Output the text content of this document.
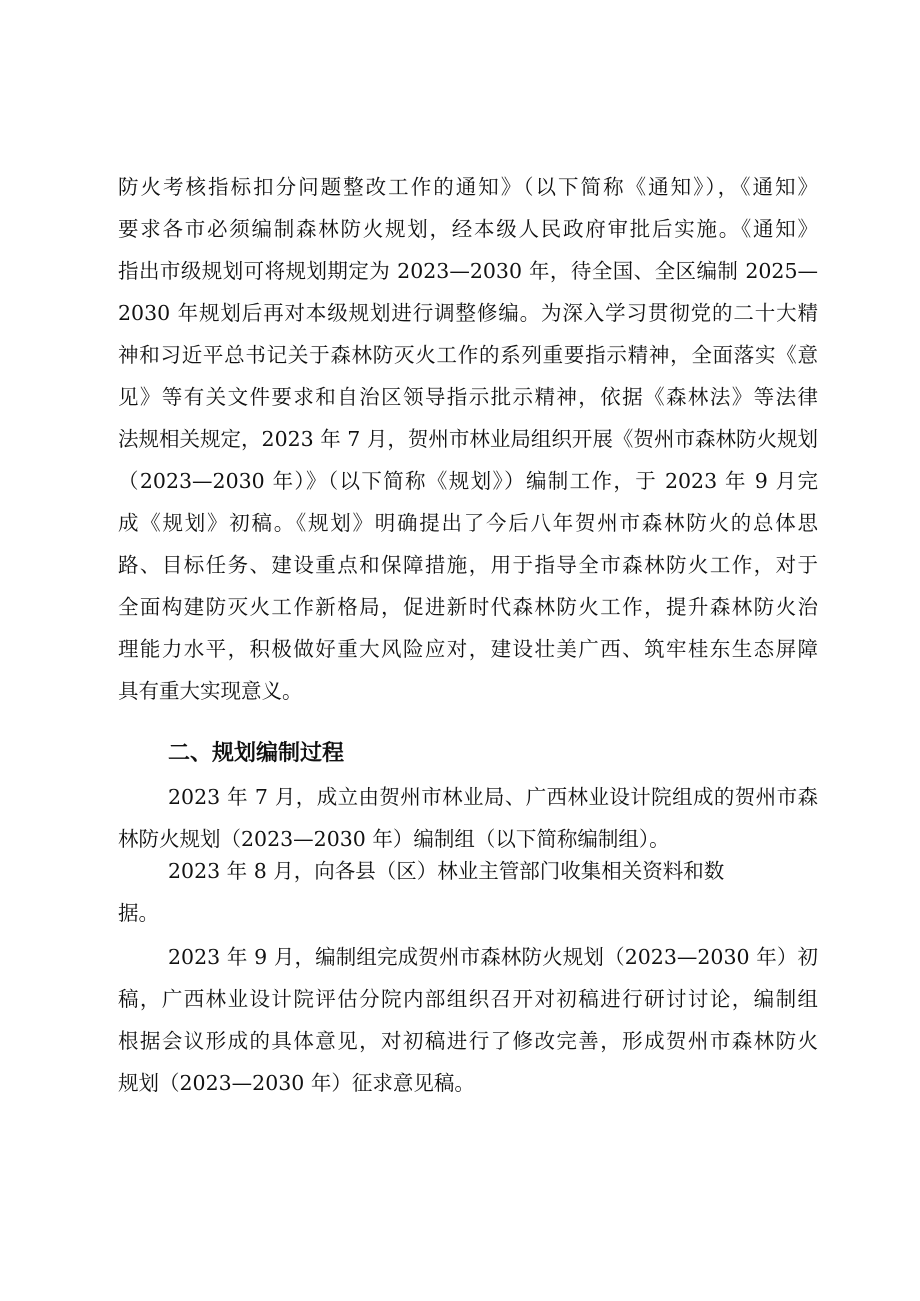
防火考核指标扣分问题整改工作的通知》（以下简称《通知》），《通知》
要求各市必须编制森林防火规划，经本级人民政府审批后实施。《通知》
指出市级规划可将规划期定为 2023—2030 年，待全国、全区编制 2025—
2030 年规划后再对本级规划进行调整修编。为深入学习贯彻党的二十大精
神和习近平总书记关于森林防灭火工作的系列重要指示精神，全面落实《意
见》等有关文件要求和自治区领导指示批示精神，依据《森林法》等法律
法规相关规定，2023 年 7 月，贺州市林业局组织开展《贺州市森林防火规划
（2023—2030 年）》（以下简称《规划》）编制工作，于 2023 年 9 月完
成《规划》初稿。《规划》明确提出了今后八年贺州市森林防火的总体思
路、目标任务、建设重点和保障措施，用于指导全市森林防火工作，对于
全面构建防灭火工作新格局，促进新时代森林防火工作，提升森林防火治
理能力水平，积极做好重大风险应对，建设壮美广西、筑牢桂东生态屏障
具有重大实现意义。
二、规划编制过程
2023 年 7 月，成立由贺州市林业局、广西林业设计院组成的贺州市森
林防火规划（2023—2030 年）编制组（以下简称编制组）。
2023 年 8 月，向各县（区）林业主管部门收集相关资料和数
据。
2023 年 9 月，编制组完成贺州市森林防火规划（2023—2030 年）初
稿，广西林业设计院评估分院内部组织召开对初稿进行研讨讨论，编制组
根据会议形成的具体意见，对初稿进行了修改完善，形成贺州市森林防火
规划（2023—2030 年）征求意见稿。
